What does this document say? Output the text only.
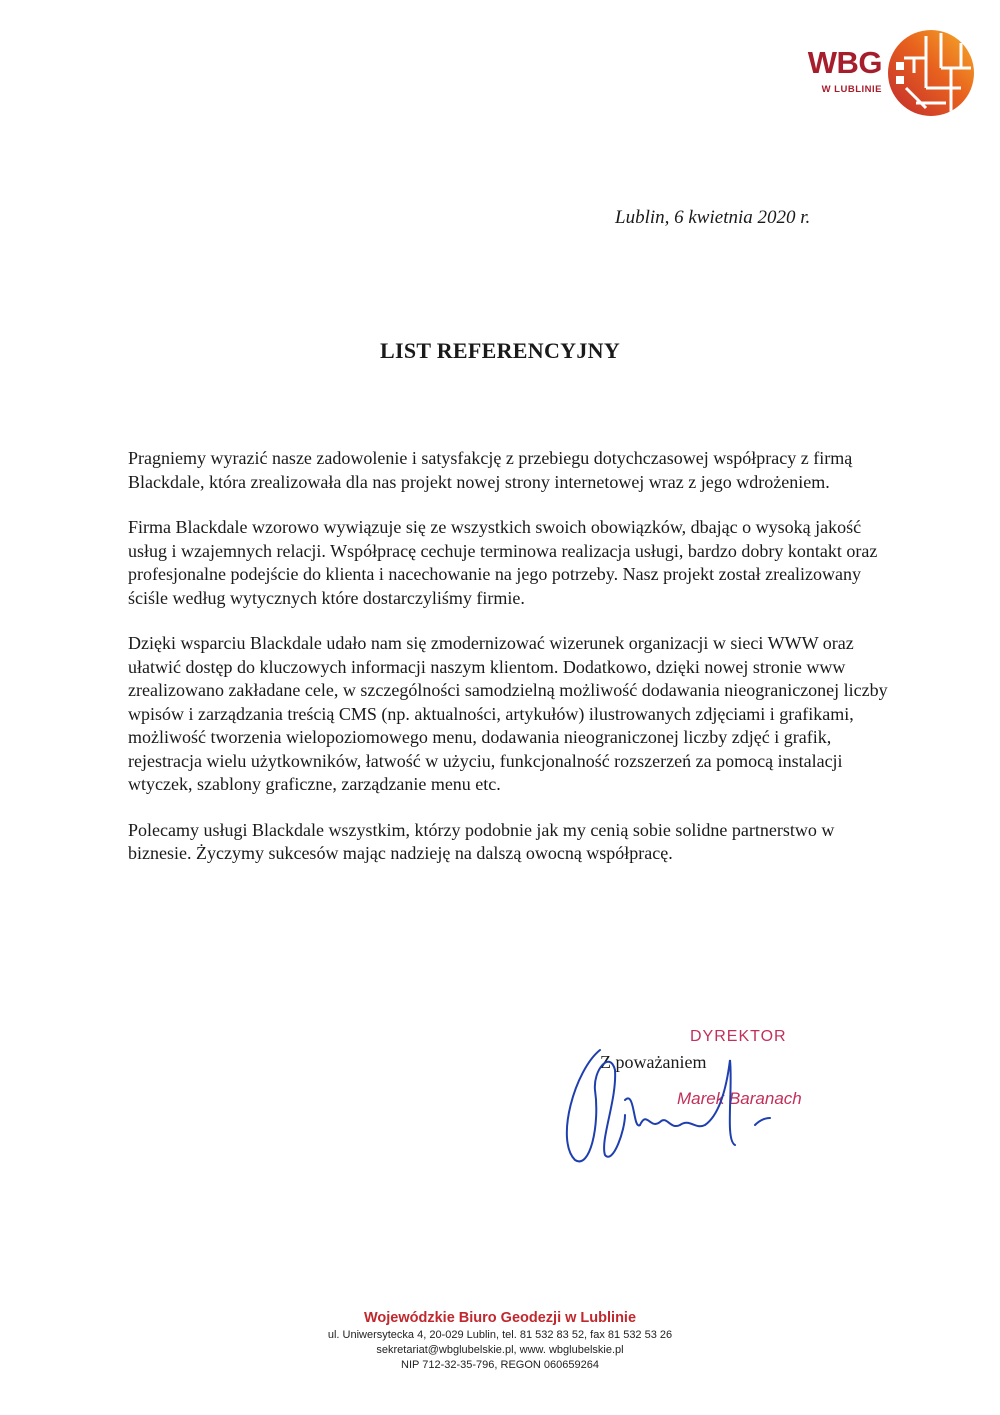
WBG
W LUBLINIE
Lublin, 6 kwietnia 2020 r.
LIST REFERENCYJNY

Pragniemy wyrazić nasze zadowolenie i satysfakcję z przebiegu dotychczasowej współpracy z firmą Blackdale, która zrealizowała dla nas projekt nowej strony internetowej wraz z jego wdrożeniem.

Firma Blackdale wzorowo wywiązuje się ze wszystkich swoich obowiązków, dbając o wysoką jakość usług i wzajemnych relacji. Współpracę cechuje terminowa realizacja usługi, bardzo dobry kontakt oraz profesjonalne podejście do klienta i nacechowanie na jego potrzeby. Nasz projekt został zrealizowany ściśle według wytycznych które dostarczyliśmy firmie.

Dzięki wsparciu Blackdale udało nam się zmodernizować wizerunek organizacji w sieci WWW oraz ułatwić dostęp do kluczowych informacji naszym klientom. Dodatkowo, dzięki nowej stronie www zrealizowano zakładane cele, w szczególności samodzielną możliwość dodawania nieograniczonej liczby wpisów i zarządzania treścią CMS (np. aktualności, artykułów) ilustrowanych zdjęciami i grafikami, możliwość tworzenia wielopoziomowego menu, dodawania nieograniczonej liczby zdjęć i grafik, rejestracja wielu użytkowników, łatwość w użyciu, funkcjonalność rozszerzeń za pomocą instalacji wtyczek, szablony graficzne, zarządzanie menu etc.

Polecamy usługi Blackdale wszystkim, którzy podobnie jak my cenią sobie solidne partnerstwo w biznesie. Życzymy sukcesów mając nadzieję na dalszą owocną współpracę.

DYREKTOR
Z poważaniem
Marek Baranach
Wojewódzkie Biuro Geodezji w Lublinie
ul. Uniwersytecka 4, 20-029 Lublin, tel. 81 532 83 52, fax 81 532 53 26
sekretariat@wbglubelskie.pl, www. wbglubelskie.pl
NIP 712-32-35-796, REGON 060659264
